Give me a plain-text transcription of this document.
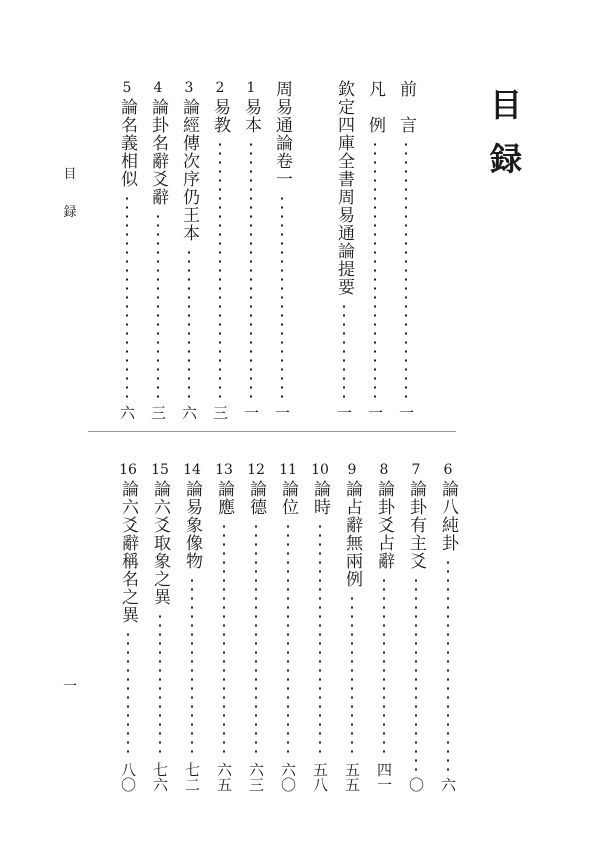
目録
目
録
一
前　言
一
凡　例
一
欽定四庫全書周易通論提要
一
周易通論卷一
一
1
易本
一
2
易教
三
3
論經傳次序仍王本
六
4
論卦名辭爻辭
三
5
論名義相似
六
6
論八純卦
六
7
論卦有主爻
〇
8
論卦爻占辭
四一
9
論占辭無兩例
五五
10
論時
五八
11
論位
六〇
12
論德
六三
13
論應
六五
14
論易象像物
七二
15
論六爻取象之異
七六
16
論六爻辭稱名之異
八〇
